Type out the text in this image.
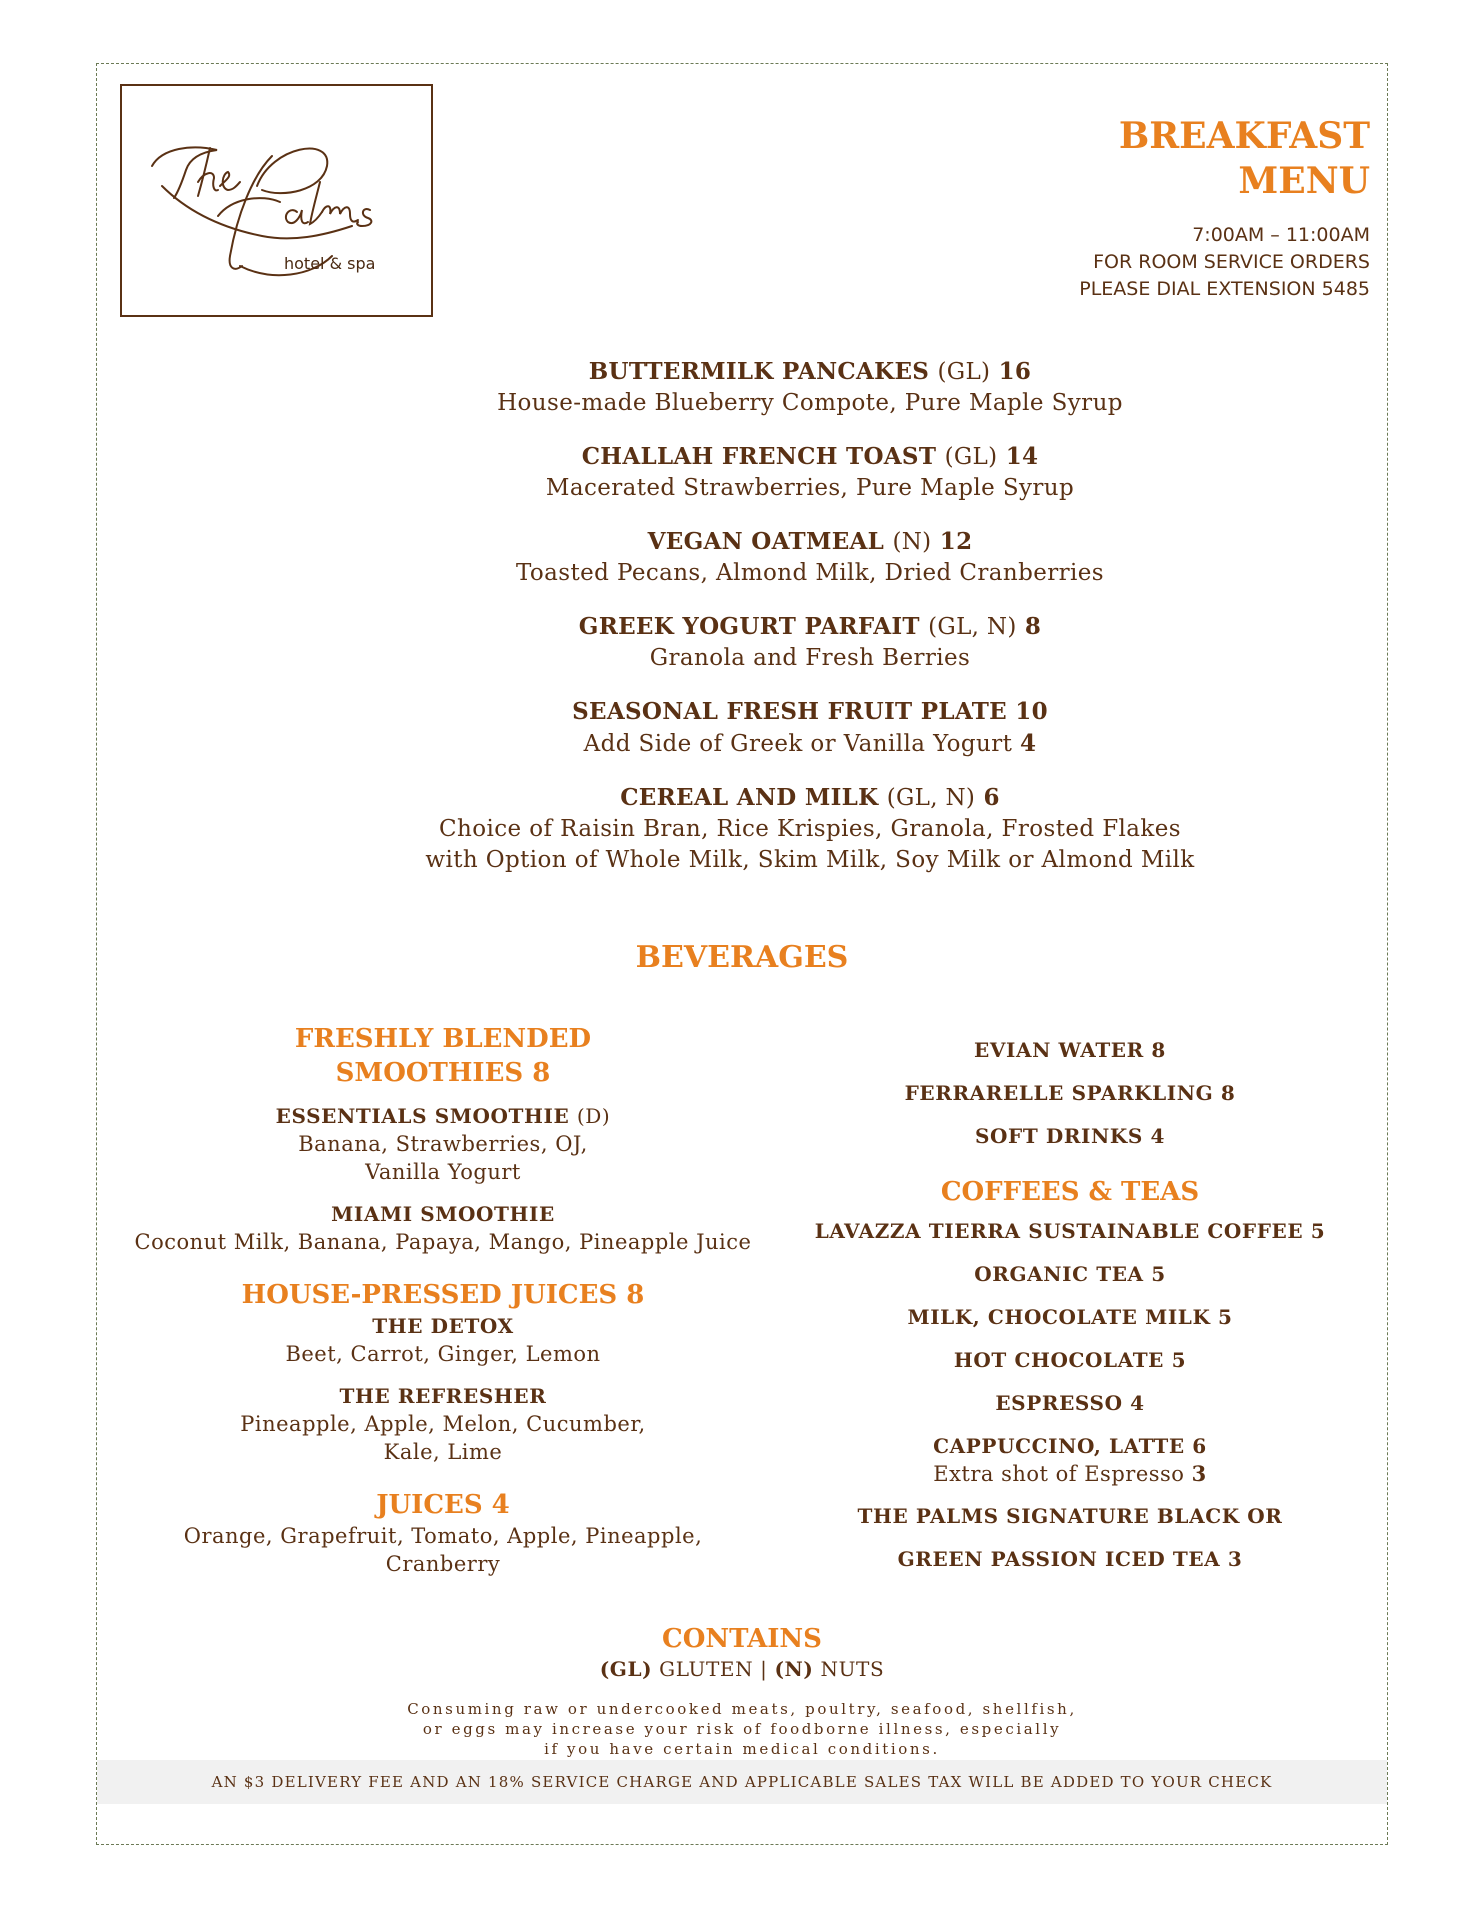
hotel & spa
BREAKFAST
MENU
7:00AM – 11:00AM
FOR ROOM SERVICE ORDERS
PLEASE DIAL EXTENSION 5485
BUTTERMILK PANCAKES (GL) 16
House-made Blueberry Compote, Pure Maple Syrup
CHALLAH FRENCH TOAST (GL) 14
Macerated Strawberries, Pure Maple Syrup
VEGAN OATMEAL (N) 12
Toasted Pecans, Almond Milk, Dried Cranberries
GREEK YOGURT PARFAIT (GL, N) 8
Granola and Fresh Berries
SEASONAL FRESH FRUIT PLATE 10
Add Side of Greek or Vanilla Yogurt 4
CEREAL AND MILK (GL, N) 6
Choice of Raisin Bran, Rice Krispies, Granola, Frosted Flakes
with Option of Whole Milk, Skim Milk, Soy Milk or Almond Milk
BEVERAGES
FRESHLY BLENDED
SMOOTHIES 8
ESSENTIALS SMOOTHIE (D)
Banana, Strawberries, OJ,
Vanilla Yogurt
MIAMI SMOOTHIE
Coconut Milk, Banana, Papaya, Mango, Pineapple Juice
HOUSE-PRESSED JUICES 8
THE DETOX
Beet, Carrot, Ginger, Lemon
THE REFRESHER
Pineapple, Apple, Melon, Cucumber,
Kale, Lime
JUICES 4
Orange, Grapefruit, Tomato, Apple, Pineapple,
Cranberry
EVIAN WATER 8
FERRARELLE SPARKLING 8
SOFT DRINKS 4
COFFEES & TEAS
LAVAZZA TIERRA SUSTAINABLE COFFEE 5
ORGANIC TEA 5
MILK, CHOCOLATE MILK 5
HOT CHOCOLATE 5
ESPRESSO 4
CAPPUCCINO, LATTE 6
Extra shot of Espresso 3
THE PALMS SIGNATURE BLACK OR
GREEN PASSION ICED TEA 3
CONTAINS
(GL) GLUTEN | (N) NUTS
Consuming raw or undercooked meats, poultry, seafood, shellfish,
or eggs may increase your risk of foodborne illness, especially
if you have certain medical conditions.
AN $3 DELIVERY FEE AND AN 18% SERVICE CHARGE AND APPLICABLE SALES TAX WILL BE ADDED TO YOUR CHECK
